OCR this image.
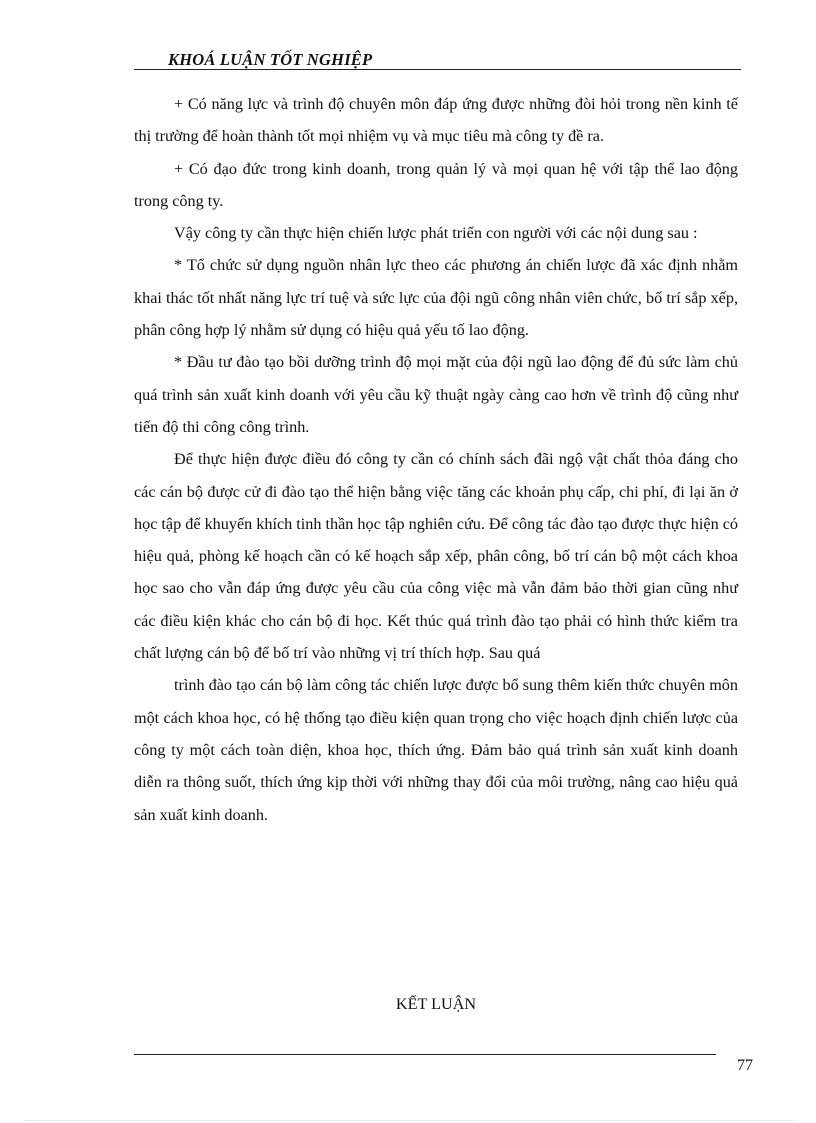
KHOÁ LUẬN TỐT NGHIỆP

+ Có năng lực và trình độ chuyên môn đáp ứng được những đòi hỏi trong nền kinh tế thị trường để hoàn thành tốt mọi nhiệm vụ và mục tiêu mà công ty đề ra.

+ Có đạo đức trong kinh doanh, trong quản lý và mọi quan hệ với tập thể lao động trong công ty.

Vậy công ty cần thực hiện chiến lược phát triển con người với các nội dung sau :

* Tổ chức sử dụng nguồn nhân lực theo các phương án chiến lược đã xác định nhằm khai thác tốt nhất năng lực trí tuệ và sức lực của đội ngũ công nhân viên chức, bố trí sắp xếp, phân công hợp lý nhằm sử dụng có hiệu quả yếu tố lao động.

* Đầu tư đào tạo bồi dưỡng trình độ mọi mặt của đội ngũ lao động để đủ sức làm chủ quá trình sản xuất kinh doanh với yêu cầu kỹ thuật ngày càng cao hơn về trình độ cũng như tiến độ thi công công trình.

Để thực hiện được điều đó công ty cần có chính sách đãi ngộ vật chất thỏa đáng cho các cán bộ được cử đi đào tạo thể hiện bằng việc tăng các khoản phụ cấp, chi phí, đi lại ăn ở học tập để khuyến khích tinh thần học tập nghiên cứu. Để công tác đào tạo được thực hiện có hiệu quả, phòng kế hoạch cần có kế hoạch sắp xếp, phân công, bố trí cán bộ một cách khoa học sao cho vẫn đáp ứng được yêu cầu của công việc mà vẫn đảm bảo thời gian cũng như các điều kiện khác cho cán bộ đi học. Kết thúc quá trình đào tạo phải có hình thức kiểm tra chất lượng cán bộ để bố trí vào những vị trí thích hợp. Sau quá

trình đào tạo cán bộ làm công tác chiến lược được bổ sung thêm kiến thức chuyên môn một cách khoa học, có hệ thống tạo điều kiện quan trọng cho việc hoạch định chiến lược của công ty một cách toàn diện, khoa học, thích ứng. Đảm bảo quá trình sản xuất kinh doanh diễn ra thông suốt, thích ứng kịp thời với những thay đổi của môi trường, nâng cao hiệu quả sản xuất kinh doanh.

KẾT LUẬN
77
